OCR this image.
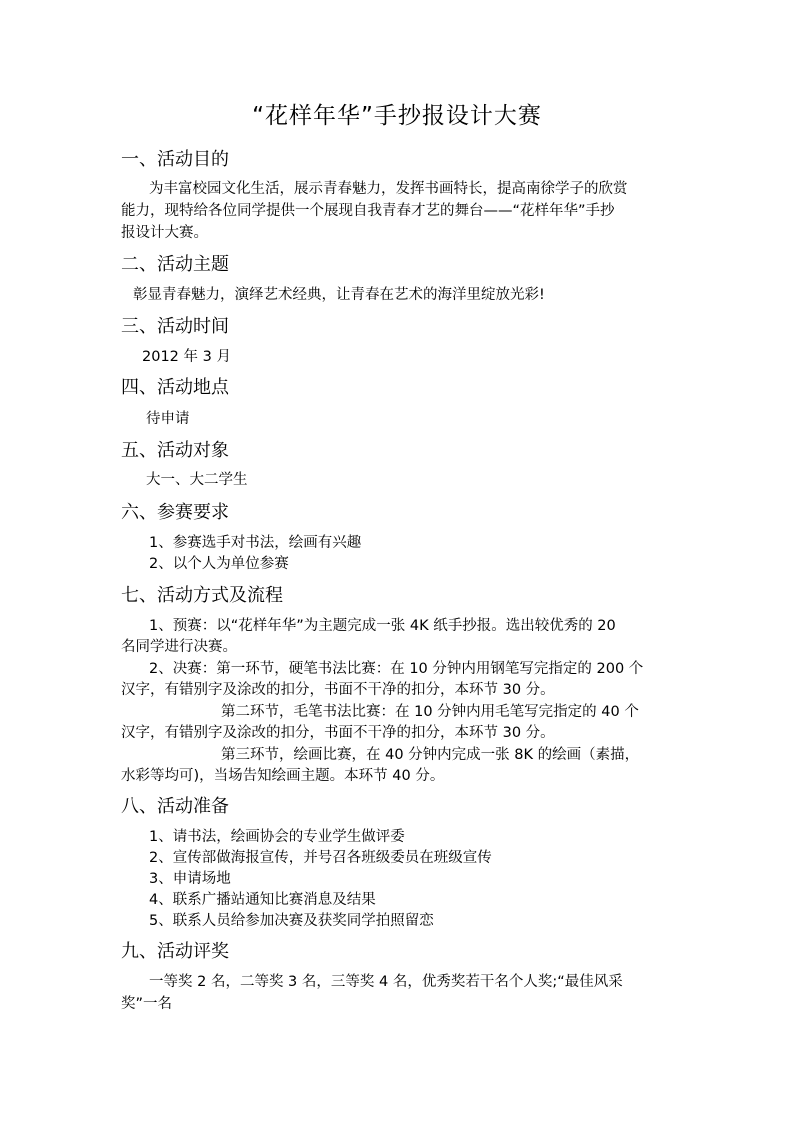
“花样年华”手抄报设计大赛
一、活动目的
为丰富校园文化生活，展示青春魅力，发挥书画特长，提高南徐学子的欣赏
能力，现特给各位同学提供一个展现自我青春才艺的舞台——“花样年华”手抄
报设计大赛。
二、活动主题
彰显青春魅力，演绎艺术经典，让青春在艺术的海洋里绽放光彩!
三、活动时间
2012 年 3 月
四、活动地点
待申请
五、活动对象
大一、大二学生
六、参赛要求
1、参赛选手对书法，绘画有兴趣
2、以个人为单位参赛
七、活动方式及流程
1、预赛：以“花样年华”为主题完成一张 4K 纸手抄报。选出较优秀的 20
名同学进行决赛。
2、决赛：第一环节，硬笔书法比赛：在 10 分钟内用钢笔写完指定的 200 个
汉字，有错别字及涂改的扣分，书面不干净的扣分，本环节 30 分。
第二环节，毛笔书法比赛：在 10 分钟内用毛笔写完指定的 40 个
汉字，有错别字及涂改的扣分，书面不干净的扣分，本环节 30 分。
第三环节，绘画比赛，在 40 分钟内完成一张 8K 的绘画（素描，
水彩等均可)，当场告知绘画主题。本环节 40 分。
八、活动准备
1、请书法，绘画协会的专业学生做评委
2、宣传部做海报宣传，并号召各班级委员在班级宣传
3、申请场地
4、联系广播站通知比赛消息及结果
5、联系人员给参加决赛及获奖同学拍照留恋
九、活动评奖
一等奖 2 名，二等奖 3 名，三等奖 4 名，优秀奖若干名个人奖;“最佳风采
奖”一名
